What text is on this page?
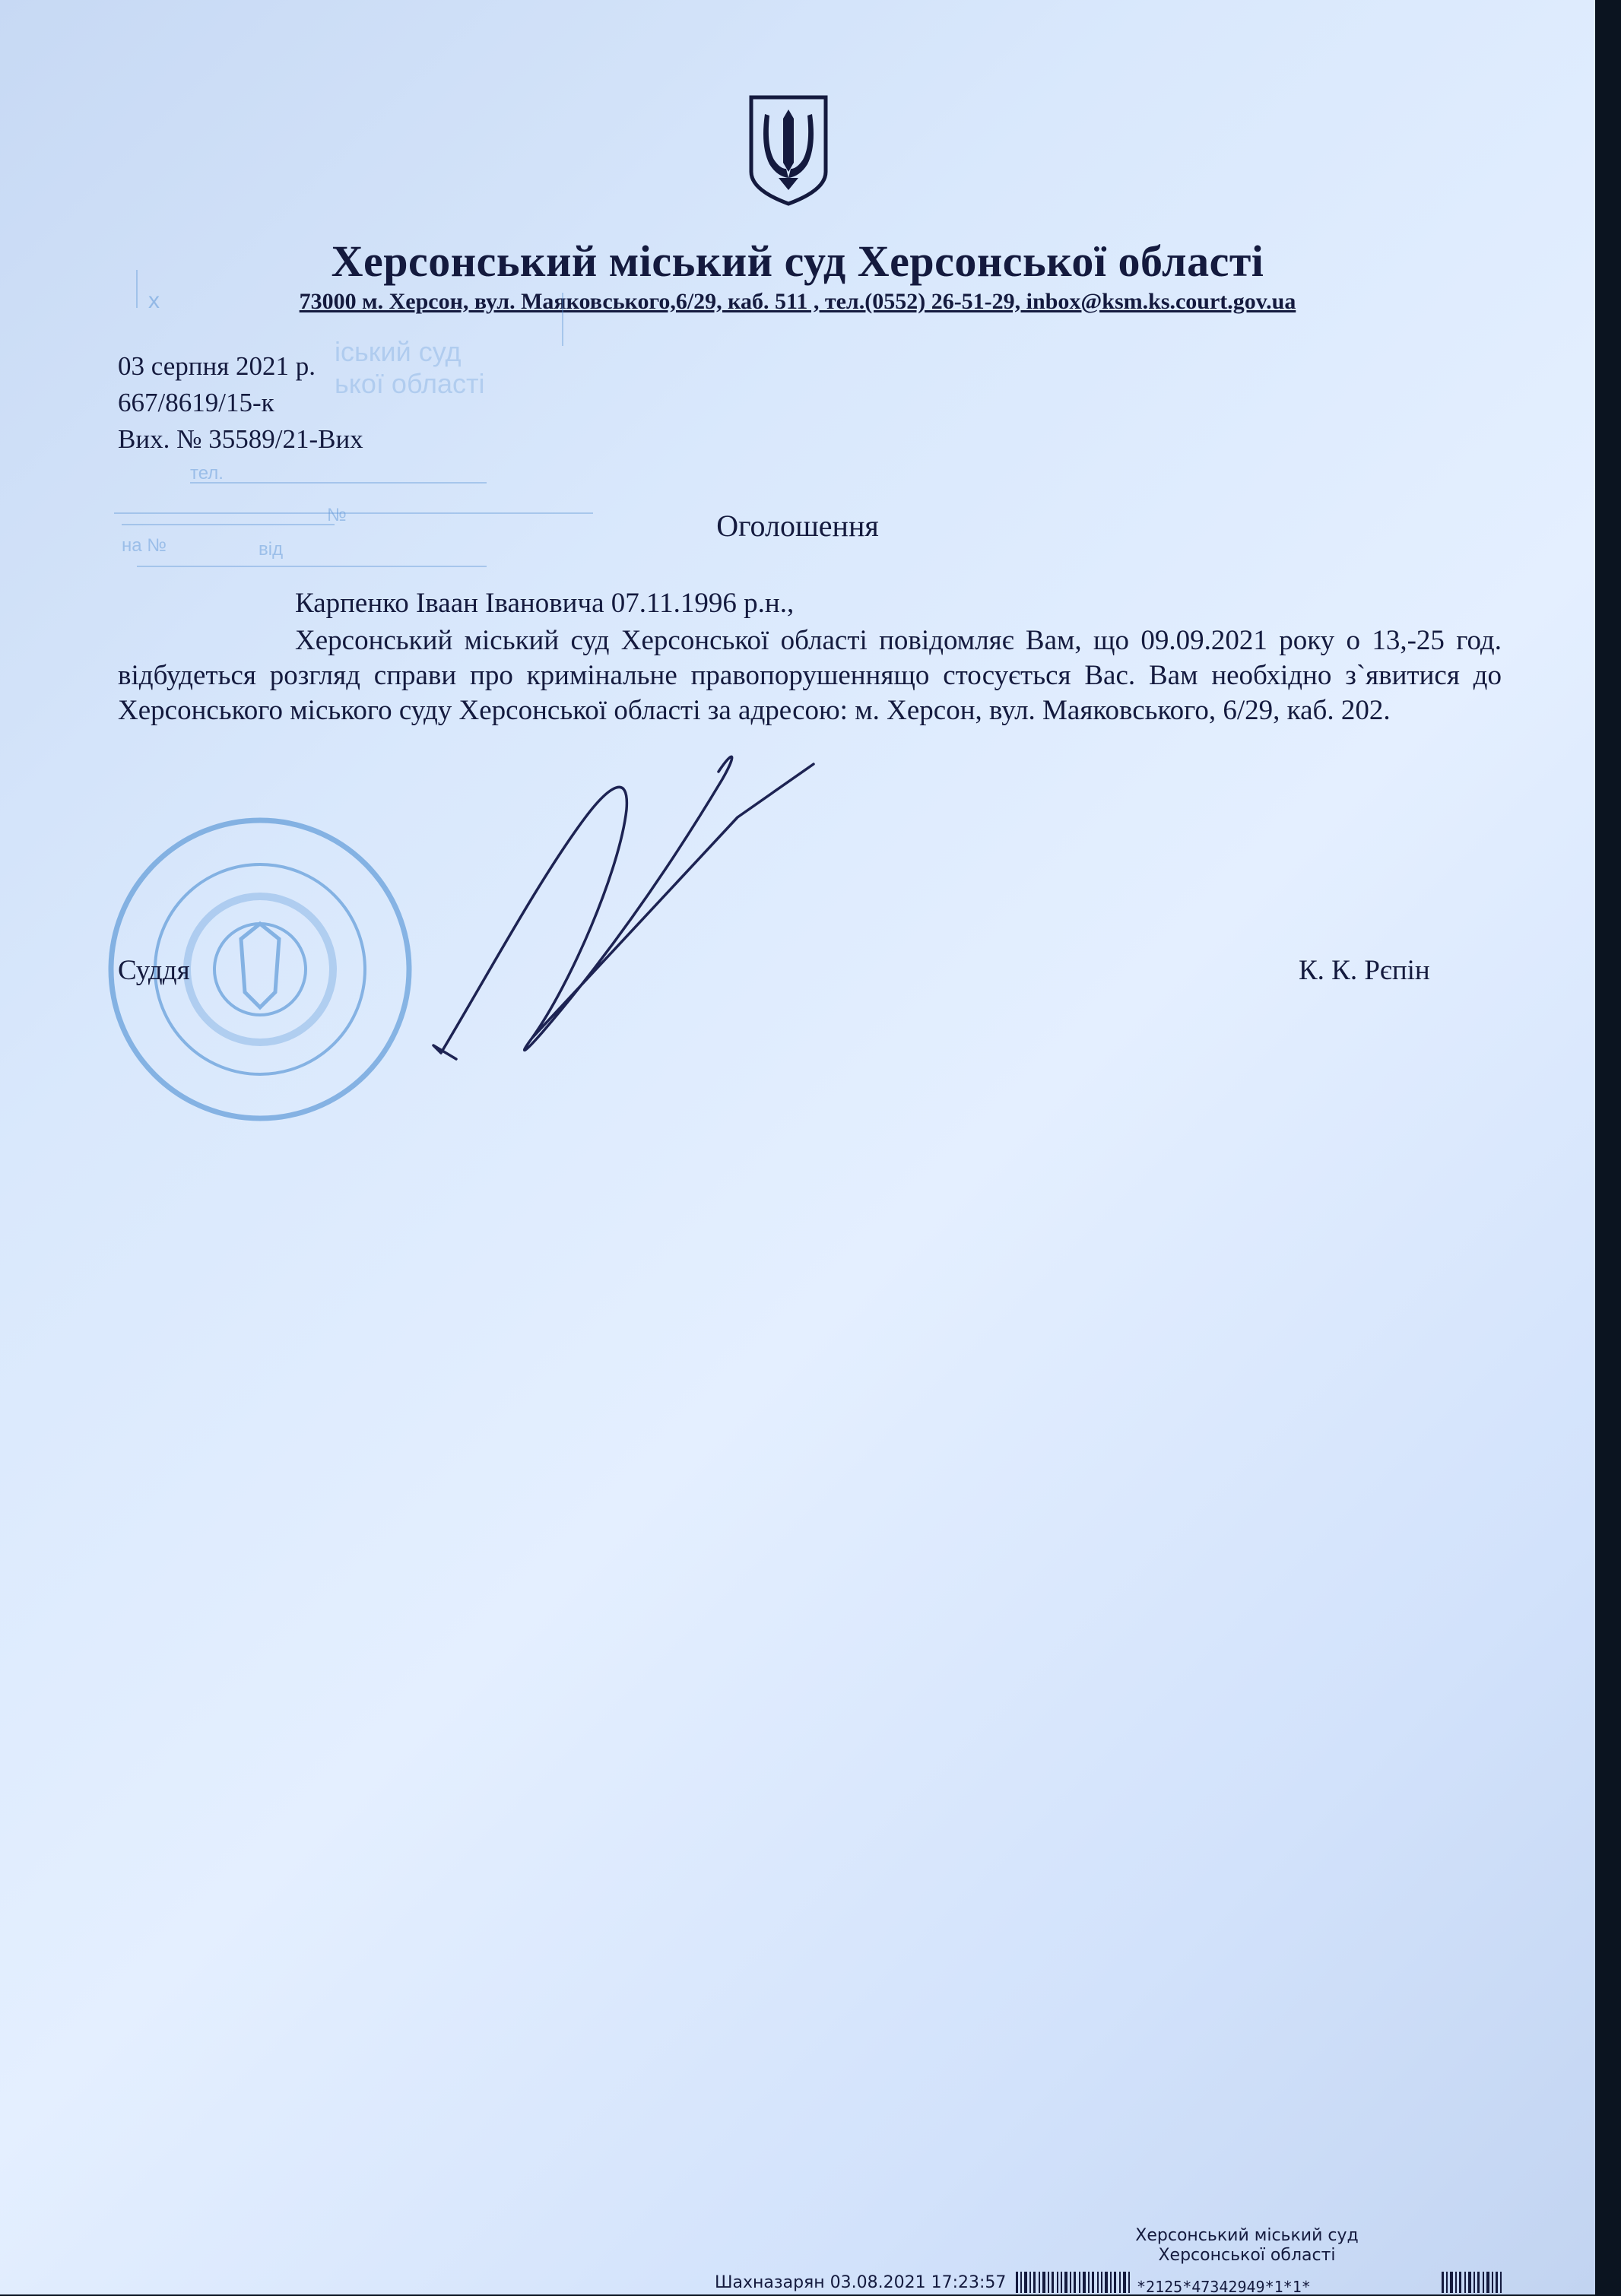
Херсонський міський суд Херсонської області
73000 м. Херсон, вул. Маяковського,6/29, каб. 511 , тел.(0552) 26-51-29, inbox@ksm.ks.court.gov.ua
x
іський суд
ької області
тел.
№
на №	від
03 серпня 2021 р.
667/8619/15-к
Вих. № 35589/21-Вих
Оголошення
Карпенко Іваан Івановича 07.11.1996 р.н.,
Херсонський міський суд Херсонської області повідомляє Вам, що 09.09.2021 року о 13,-25 год. відбудеться розгляд справи про кримінальне правопорушеннящо стосується Вас. Вам необхідно з`явитися до Херсонського міського суду Херсонської області за адресою: м. Херсон, вул. Маяковського, 6/29, каб. 202.
Суддя	К. К. Рєпін
Херсонський міський суд
Херсонської області
Шахназарян 03.08.2021 17:23:57	*2125*47342949*1*1*
